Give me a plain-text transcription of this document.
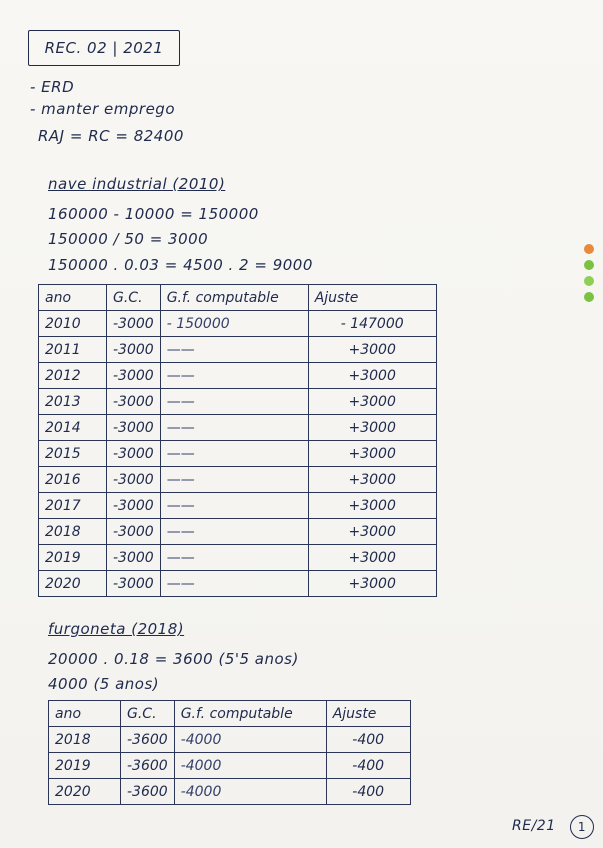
REC. 02 | 2021
- ERD
- manter emprego
RAJ = RC = 82400
nave industrial (2010)
160000 - 10000 = 150000
150000 / 50 = 3000
150000 . 0.03 = 4500 . 2 = 9000
ano	G.C.	G.f. computable	Ajuste
2010	-3000	- 150000	- 147000
2011	-3000	——	+3000
2012	-3000	——	+3000
2013	-3000	——	+3000
2014	-3000	——	+3000
2015	-3000	——	+3000
2016	-3000	——	+3000
2017	-3000	——	+3000
2018	-3000	——	+3000
2019	-3000	——	+3000
2020	-3000	——	+3000
furgoneta (2018)
20000 . 0.18 = 3600 (5'5 anos)
4000 (5 anos)
ano	G.C.	G.f. computable	Ajuste
2018	-3600	-4000	-400
2019	-3600	-4000	-400
2020	-3600	-4000	-400
RE/21	1
